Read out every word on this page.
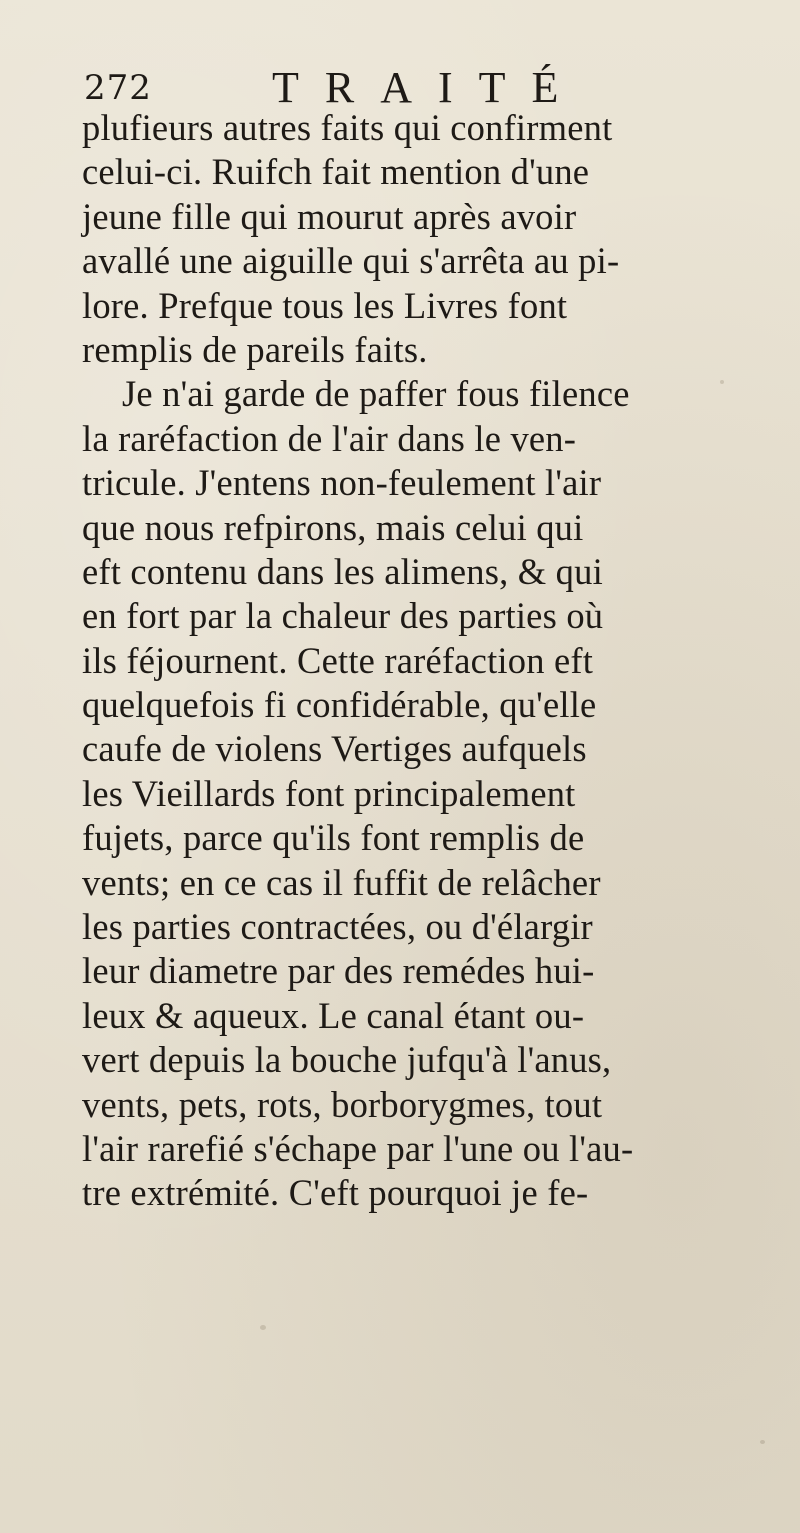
272	TRAITÉ
plufieurs autres faits qui confirment
celui-ci. Ruifch fait mention d'une
jeune fille qui mourut après avoir
avallé une aiguille qui s'arrêta au pi-
lore. Prefque tous les Livres font
remplis de pareils faits.
Je n'ai garde de paffer fous filence
la raréfaction de l'air dans le ven-
tricule. J'entens non-feulement l'air
que nous refpirons, mais celui qui
eft contenu dans les alimens, & qui
en fort par la chaleur des parties où
ils féjournent. Cette raréfaction eft
quelquefois fi confidérable, qu'elle
caufe de violens Vertiges aufquels
les Vieillards font principalement
fujets, parce qu'ils font remplis de
vents; en ce cas il fuffit de relâcher
les parties contractées, ou d'élargir
leur diametre par des remédes hui-
leux & aqueux. Le canal étant ou-
vert depuis la bouche jufqu'à l'anus,
vents, pets, rots, borborygmes, tout
l'air rarefié s'échape par l'une ou l'au-
tre extrémité. C'eft pourquoi je fe-
